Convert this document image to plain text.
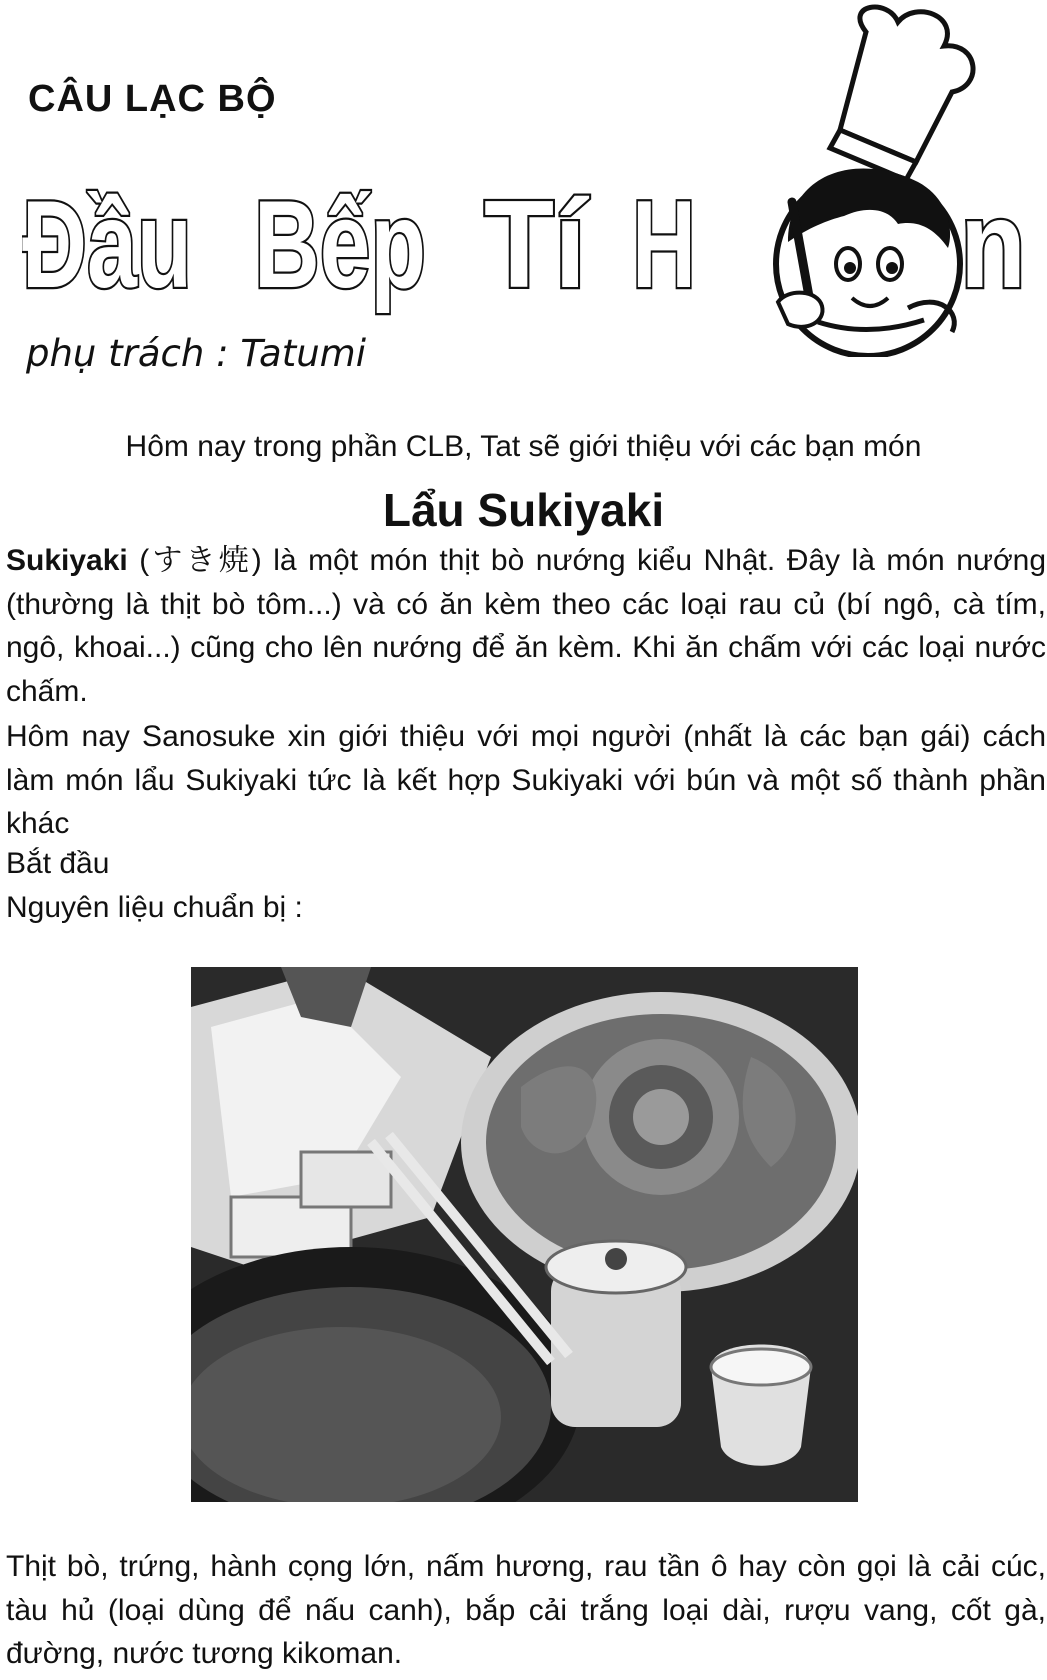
CÂU LẠC BỘ
Đầu Bếp Tí H n
phụ trách : Tatumi
Hôm nay trong phần CLB, Tat sẽ giới thiệu với các bạn món
Lẩu Sukiyaki

Sukiyaki (すき焼) là một món thịt bò nướng kiểu Nhật. Đây là món nướng (thường là thịt bò tôm...) và có ăn kèm theo các loại rau củ (bí ngô, cà tím, ngô, khoai...) cũng cho lên nướng để ăn kèm. Khi ăn chấm với các loại nước chấm.

Hôm nay Sanosuke xin giới thiệu với mọi người (nhất là các bạn gái) cách làm món lẩu Sukiyaki tức là kết hợp Sukiyaki với bún và một số thành phần khác

Bắt đầu
Nguyên liệu chuẩn bị :

Thịt bò, trứng, hành cọng lớn, nấm hương, rau tần ô hay còn gọi là cải cúc, tàu hủ (loại dùng để nấu canh), bắp cải trắng loại dài, rượu vang, cốt gà, đường, nước tương kikoman.
